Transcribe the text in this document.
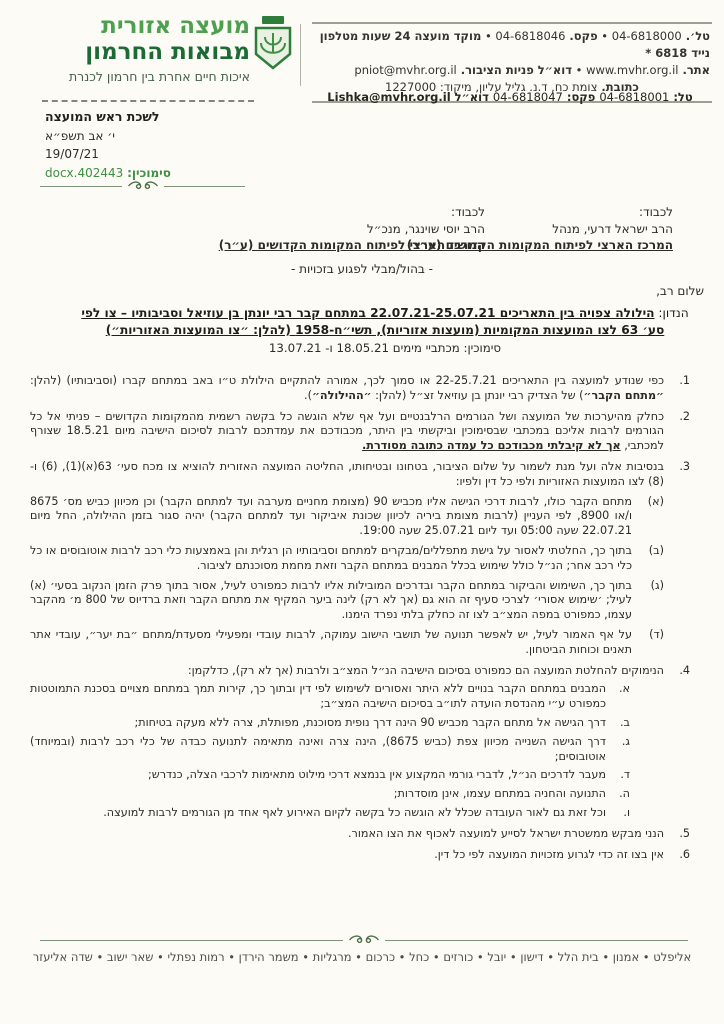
מועצה אזורית
מבואות החרמון
איכות חיים אחרת בין חרמון לכנרת
טל׳. 04-6818000 • פקס. 04-6818046 • מוקד מועצה 24 שעות מטלפון נייד 6818 *
אתר. www.mvhr.org.il • דוא״ל פניות הציבור. pniot@mvhr.org.il
כתובת. צומת כח, ד.נ. גליל עליון, מיקוד: 1227000
טל: 04-6818001 פקס: 04-6818047 דוא״ל Lishka@mvhr.org.il
לשכת ראש המועצה
י׳ אב תשפ״א
19/07/21
סימוכין: docx.402443
לכבוד:
הרב ישראל דרעי, מנהל
המרכז הארצי לפיתוח המקומות הקדושים (ע״ר)
לכבוד:
הרב יוסי שוינגר, מנכ״ל
המרכז הארצי לפיתוח המקומות הקדושים (ע״ר)
- בהול/מבלי לפגוע בזכויות -
שלום רב,
הנדון: הילולה צפויה בין התאריכים 22.07.21-25.07.21 במתחם קבר רבי יונתן בן עוזיאל וסביבותיו – צו לפי סע׳ 63 לצו המועצות המקומיות (מועצות אזוריות), תשי״ח-1958 (להלן: ״צו המועצות האזוריות״)
סימוכין: מכתביי מימים 18.05.21 ו- 13.07.21
1.
כפי שנודע למועצה בין התאריכים 22-25.7.21 או סמוך לכך, אמורה להתקיים הילולת ט״ו באב במתחם קברו (וסביבותיו) (להלן: ״מתחם הקבר״) של הצדיק רבי יונתן בן עוזיאל זצ״ל (להלן: ״ההילולה״).
2.
כחלק מהיערכות של המועצה ושל הגורמים הרלבנטיים ועל אף שלא הוגשה כל בקשה רשמית מהמקומות הקדושים – פניתי אל כל הגורמים לרבות אליכם במכתבי שבסימוכין וביקשתי בין היתר, מכבודכם את עמדתכם לרבות לסיכום הישיבה מיום 18.5.21 שצורף למכתבי, אך לא קיבלתי מכבודכם כל עמדה כתובה מסודרת.
3.
בנסיבות אלה ועל מנת לשמור על שלום הציבור, בטחונו ובטיחותו, החליטה המועצה האזורית להוציא צו מכח סעי׳ 63(א)(1), (6) ו- (8) לצו המועצות האזוריות ולפי כל דין ולפיו:
(א)
מתחם הקבר כולו, לרבות דרכי הגישה אליו מכביש 90 (מצומת מחניים מערבה ועד למתחם הקבר) וכן מכיוון כביש מס׳ 8675 ו/או 8900, לפי העניין (לרבות מצומת ביריה לכיוון שכונת איביקור ועד למתחם הקבר) יהיה סגור בזמן ההילולה, החל מיום 22.07.21 שעה 05:00 ועד ליום 25.07.21 שעה 19:00.
(ב)
בתוך כך, החלטתי לאסור על גישת מתפללים/מבקרים למתחם וסביבותיו הן רגלית והן באמצעות כלי רכב לרבות אוטובוסים או כל כלי רכב אחר; הנ״ל כולל שימוש בכלל המבנים במתחם הקבר וזאת מחמת מסוכנתם לציבור.
(ג)
בתוך כך, השימוש והביקור במתחם הקבר ובדרכים המובילות אליו לרבות כמפורט לעיל, אסור בתוך פרק הזמן הנקוב בסעי׳ (א) לעיל; ׳שימוש אסורי׳ לצרכי סעיף זה הוא גם (אך לא רק) לינה ביער המקיף את מתחם הקבר וזאת ברדיוס של 800 מ׳ מהקבר עצמו, כמפורט במפה המצ״ב לצו זה כחלק בלתי נפרד הימנו.
(ד)
על אף האמור לעיל, יש לאפשר תנועה של תושבי הישוב עמוקה, לרבות עובדי ומפעילי מסעדת/מתחם ״בת יער״, עובדי אתר תאנים וכוחות הביטחון.
4.
הנימוקים להחלטת המועצה הם כמפורט בסיכום הישיבה הנ״ל המצ״ב ולרבות (אך לא רק), כדלקמן:
א.
המבנים במתחם הקבר בנויים ללא היתר ואסורים לשימוש לפי דין ובתוך כך, קירות תמך במתחם מצויים בסכנת התמוטטות כמפורט ע״י מהנדסת הועדה לתו״ב בסיכום הישיבה המצ״ב;
ב.
דרך הגישה אל מתחם הקבר מכביש 90 הינה דרך נופית מסוכנת, מפותלת, צרה ללא מעקה בטיחות;
ג.
דרך הגישה השנייה מכיוון צפת (כביש 8675), הינה צרה ואינה מתאימה לתנועה כבדה של כלי רכב לרבות (ובמיוחד) אוטובוסים;
ד.
מעבר לדרכים הנ״ל, לדברי גורמי המקצוע אין בנמצא דרכי מילוט מתאימות לרכבי הצלה, כנדרש;
ה.
התנועה והחניה במתחם עצמו, אינן מוסדרות;
ו.
וכל זאת גם לאור העובדה שכלל לא הוגשה כל בקשה לקיום האירוע לאף אחד מן הגורמים לרבות למועצה.
5.
הנני מבקש ממשטרת ישראל לסייע למועצה לאכוף את הצו האמור.
6.
אין בצו זה כדי לגרוע מזכויות המועצה לפי כל דין.
אליפלט • אמנון • בית הלל • דישון • יובל • כורזים • כחל • כרכום • מרגליות • משמר הירדן • רמות נפתלי • שאר ישוב • שדה אליעזר
